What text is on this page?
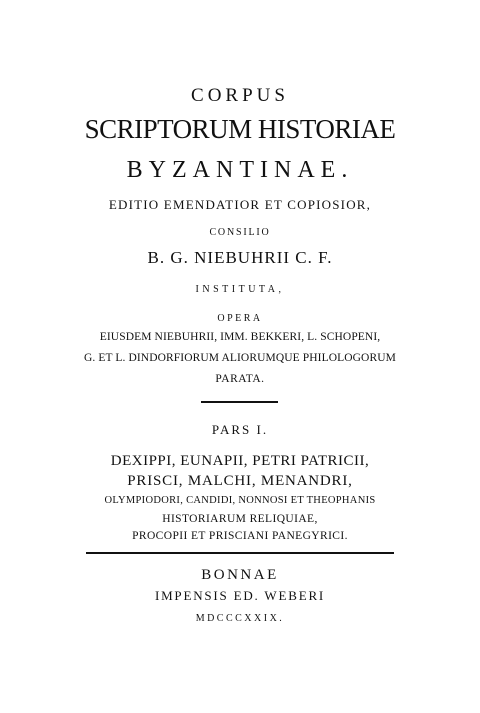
CORPUS
SCRIPTORUM HISTORIAE
BYZANTINAE.
EDITIO EMENDATIOR ET COPIOSIOR,
CONSILIO
B. G. NIEBUHRII C. F.
INSTITUTA,
OPERA
EIUSDEM NIEBUHRII, IMM. BEKKERI, L. SCHOPENI,
G. ET L. DINDORFIORUM ALIORUMQUE PHILOLOGORUM
PARATA.
PARS I.
DEXIPPI, EUNAPII, PETRI PATRICII,
PRISCI, MALCHI, MENANDRI,
OLYMPIODORI, CANDIDI, NONNOSI ET THEOPHANIS
HISTORIARUM RELIQUIAE,
PROCOPII ET PRISCIANI PANEGYRICI.
BONNAE
IMPENSIS ED. WEBERI
MDCCCXXIX.
